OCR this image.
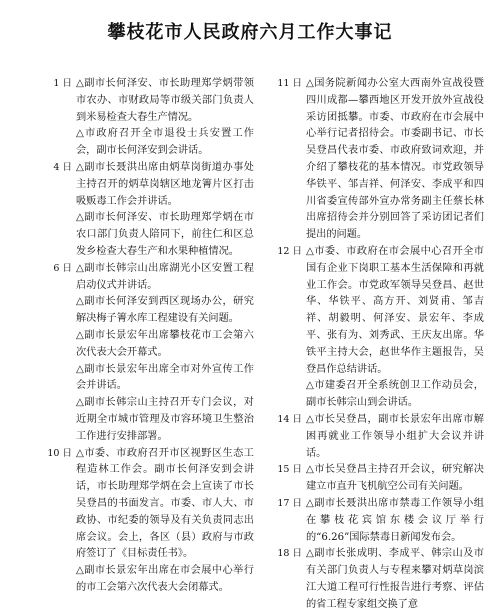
攀枝花市人民政府六月工作大事记
1 日 △副市长何泽安、市长助理郑学炳带领市农办、市财政局等市级关部门负责人到米易检查大春生产情况。

△市政府召开全市退役士兵安置工作会，副市长何泽安到会讲话。

4 日 △副市长聂洪出席由炳草岗街道办事处主持召开的炳草岗辖区地龙箐片区打击吸贩毒工作会并讲话。

△副市长何泽安、市长助理郑学炳在市农口部门负责人陪同下，前往仁和区总发乡检查大春生产和水果种植情况。

6 日 △副市长韩宗山出席湖光小区安置工程启动仪式并讲话。

△副市长何泽安到西区现场办公，研究解决梅子箐水库工程建设有关问题。

△副市长景宏年出席攀枝花市工会第六次代表大会开幕式。

△副市长景宏年出席全市对外宣传工作会并讲话。

△副市长韩宗山主持召开专门会议，对近期全市城市管理及市容环境卫生整治工作进行安排部署。

10 日 △市委、市政府召开市区视野区生态工程造林工作会。副市长何泽安到会讲话，市长助理郑学炳在会上宣读了市长吴登昌的书面发言。市委、市人大、市政协、市纪委的领导及有关负责同志出席会议。会上，各区（县）政府与市政府签订了《目标责任书》。

△副市长景宏年出席在市会展中心举行的市工会第六次代表大会闭幕式。

11 日 △国务院新闻办公室大西南外宣战役暨四川成都—攀西地区开发开放外宣战役采访团抵攀。市委、市政府在市会展中心举行记者招待会。市委副书记、市长吴登昌代表市委、市政府致词欢迎，并介绍了攀枝花的基本情况。市党政领导华铁平、邹吉祥、何泽安、李成平和四川省委宣传部外宣办常务副主任蔡长林出席招待会并分别回答了采访团记者们提出的问题。

12 日 △市委、市政府在市会展中心召开全市国有企业下岗职工基本生活保障和再就业工作会。市党政军领导吴登昌、赵世华、华铁平、高方开、刘贤甫、邹吉祥、胡毅明、何泽安、景宏年、李成平、张有为、刘秀武、王庆友出席。华铁平主持大会，赵世华作主题报告，吴登昌作总结讲话。

△市建委召开全系统创卫工作动员会，副市长韩宗山到会讲话。

14 日 △市长吴登昌，副市长景宏年出席市解困再就业工作领导小组扩大会议并讲话。

15 日 △市长吴登昌主持召开会议，研究解决建立市直升飞机航空公司有关问题。

17 日 △副市长聂洪出席市禁毒工作领导小组在攀枝花宾馆东楼会议厅举行的“6.26”国际禁毒日新闻发布会。

18 日 △副市长张成明、李成平、韩宗山及市有关部门负责人与专程来攀对炳草岗滨江大道工程可行性报告进行考察、评估的省工程专家组交换了意
